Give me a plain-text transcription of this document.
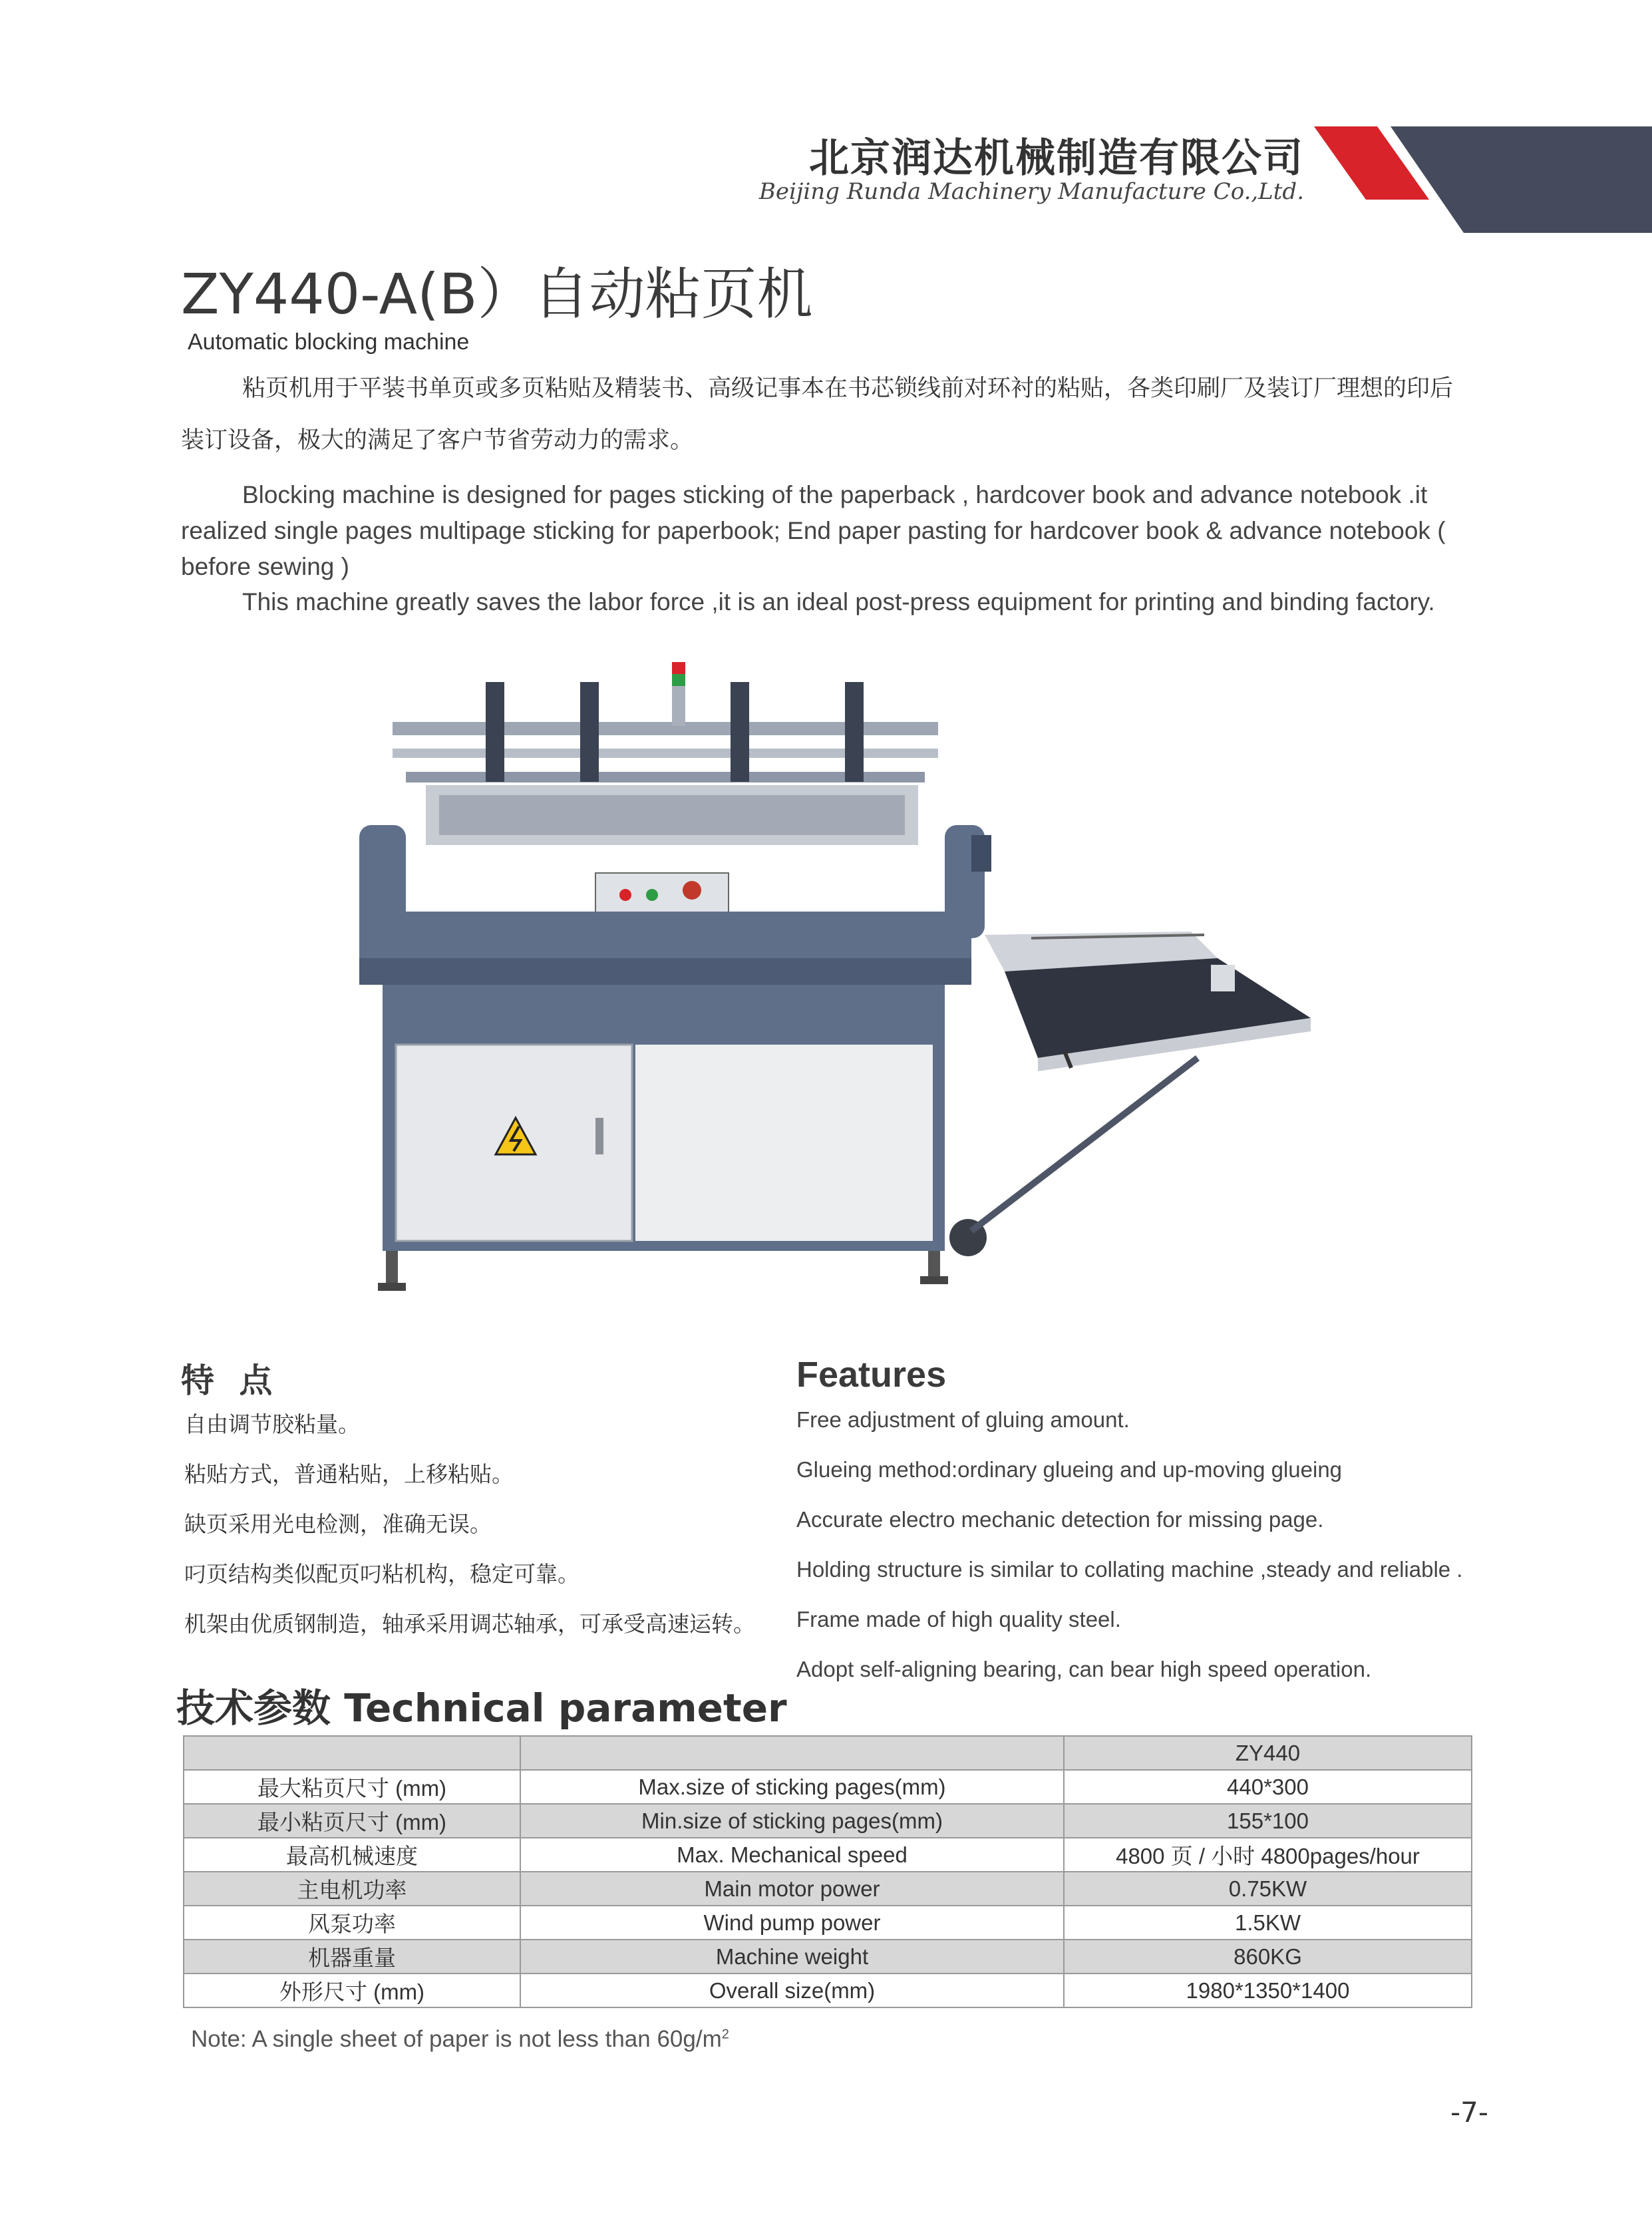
北京润达机械制造有限公司
Beijing Runda Machinery Manufacture Co.,Ltd.
ZY440-A(B）自动粘页机
Automatic blocking machine
粘页机用于平装书单页或多页粘贴及精装书、高级记事本在书芯锁线前对环衬的粘贴，各类印刷厂及装订厂理想的印后装订设备，极大的满足了客户节省劳动力的需求。
Blocking machine is designed for pages sticking of the paperback , hardcover book and advance notebook .it realized single pages multipage sticking for paperbook; End paper pasting for hardcover book & advance notebook ( before sewing )
This machine greatly saves the labor force ,it is an ideal post-press equipment for printing and binding factory.
特 点	Features
自由调节胶粘量。
粘贴方式，普通粘贴，上移粘贴。
缺页采用光电检测，准确无误。
叼页结构类似配页叼粘机构，稳定可靠。
机架由优质钢制造，轴承采用调芯轴承，可承受高速运转。
Free adjustment of gluing amount.
Glueing method:ordinary glueing and up-moving glueing
Accurate electro mechanic detection for missing page.
Holding structure is similar to collating machine ,steady and reliable .
Frame made of high quality steel.
Adopt self-aligning bearing, can bear high speed operation.
技术参数 Technical parameter
		ZY440
最大粘页尺寸 (mm)	Max.size of sticking pages(mm)	440*300
最小粘页尺寸 (mm)	Min.size of sticking pages(mm)	155*100
最高机械速度	Max. Mechanical speed	4800 页 / 小时 4800pages/hour
主电机功率	Main motor power	0.75KW
风泵功率	Wind pump power	1.5KW
机器重量	Machine weight	860KG
外形尺寸 (mm)	Overall size(mm)	1980*1350*1400
Note: A single sheet of paper is not less than $60g/m^2$
-7-
